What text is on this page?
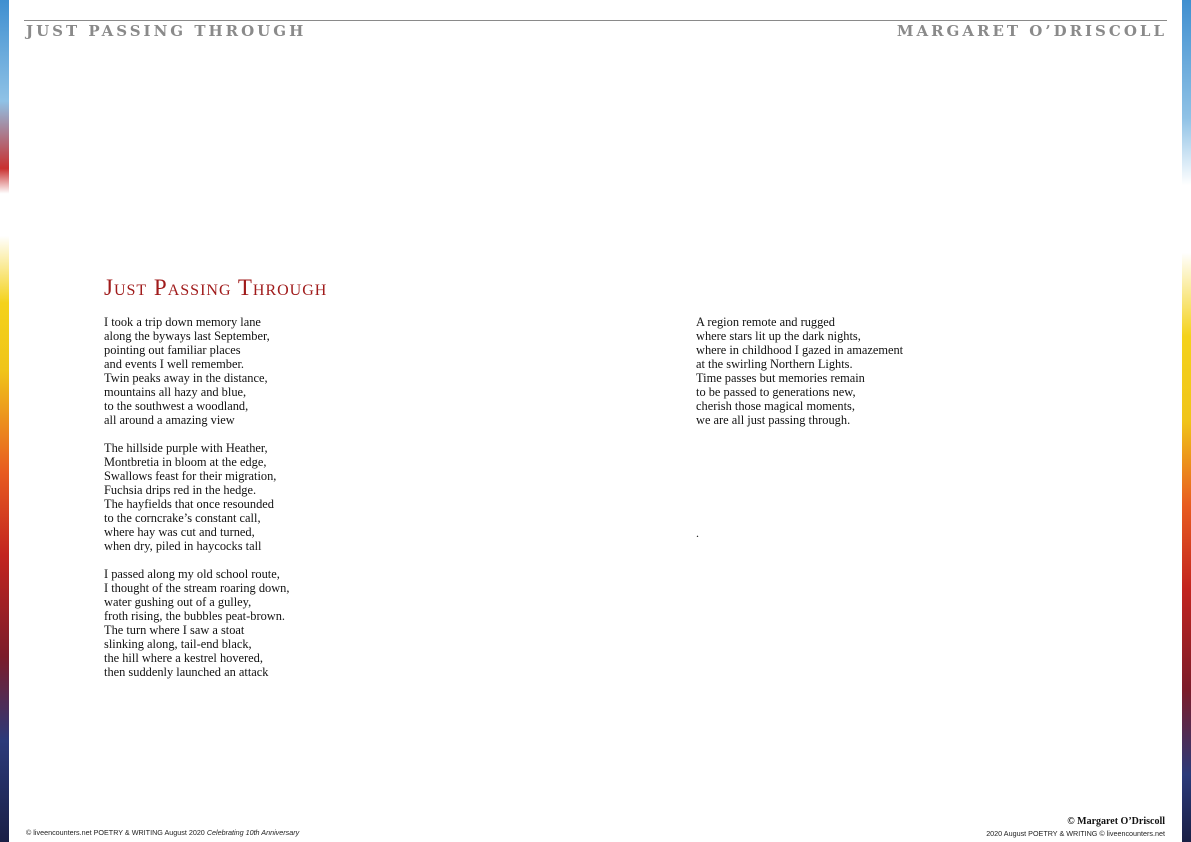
JUST PASSING THROUGH	MARGARET O’DRISCOLL
Just Passing Through
I took a trip down memory lane
along the byways last September,
pointing out familiar places
and events I well remember.
Twin peaks away in the distance,
mountains all hazy and blue,
to the southwest a woodland,
all around a amazing view
The hillside purple with Heather,
Montbretia in bloom at the edge,
Swallows feast for their migration,
Fuchsia drips red in the hedge.
The hayfields that once resounded
to the corncrake’s constant call,
where hay was cut and turned,
when dry, piled in haycocks tall
I passed along my old school route,
I thought of the stream roaring down,
water gushing out of a gulley,
froth rising, the bubbles peat-brown.
The turn where I saw a stoat
slinking along, tail-end black,
the hill where a kestrel hovered,
then suddenly launched an attack
A region remote and rugged
where stars lit up the dark nights,
where in childhood I gazed in amazement
at the swirling Northern Lights.
Time passes but memories remain
to be passed to generations new,
cherish those magical moments,
we are all just passing through.
.
© liveencounters.net POETRY & WRITING August 2020 Celebrating 10th Anniversary
© Margaret O’Driscoll
2020 August POETRY & WRITING © liveencounters.net
